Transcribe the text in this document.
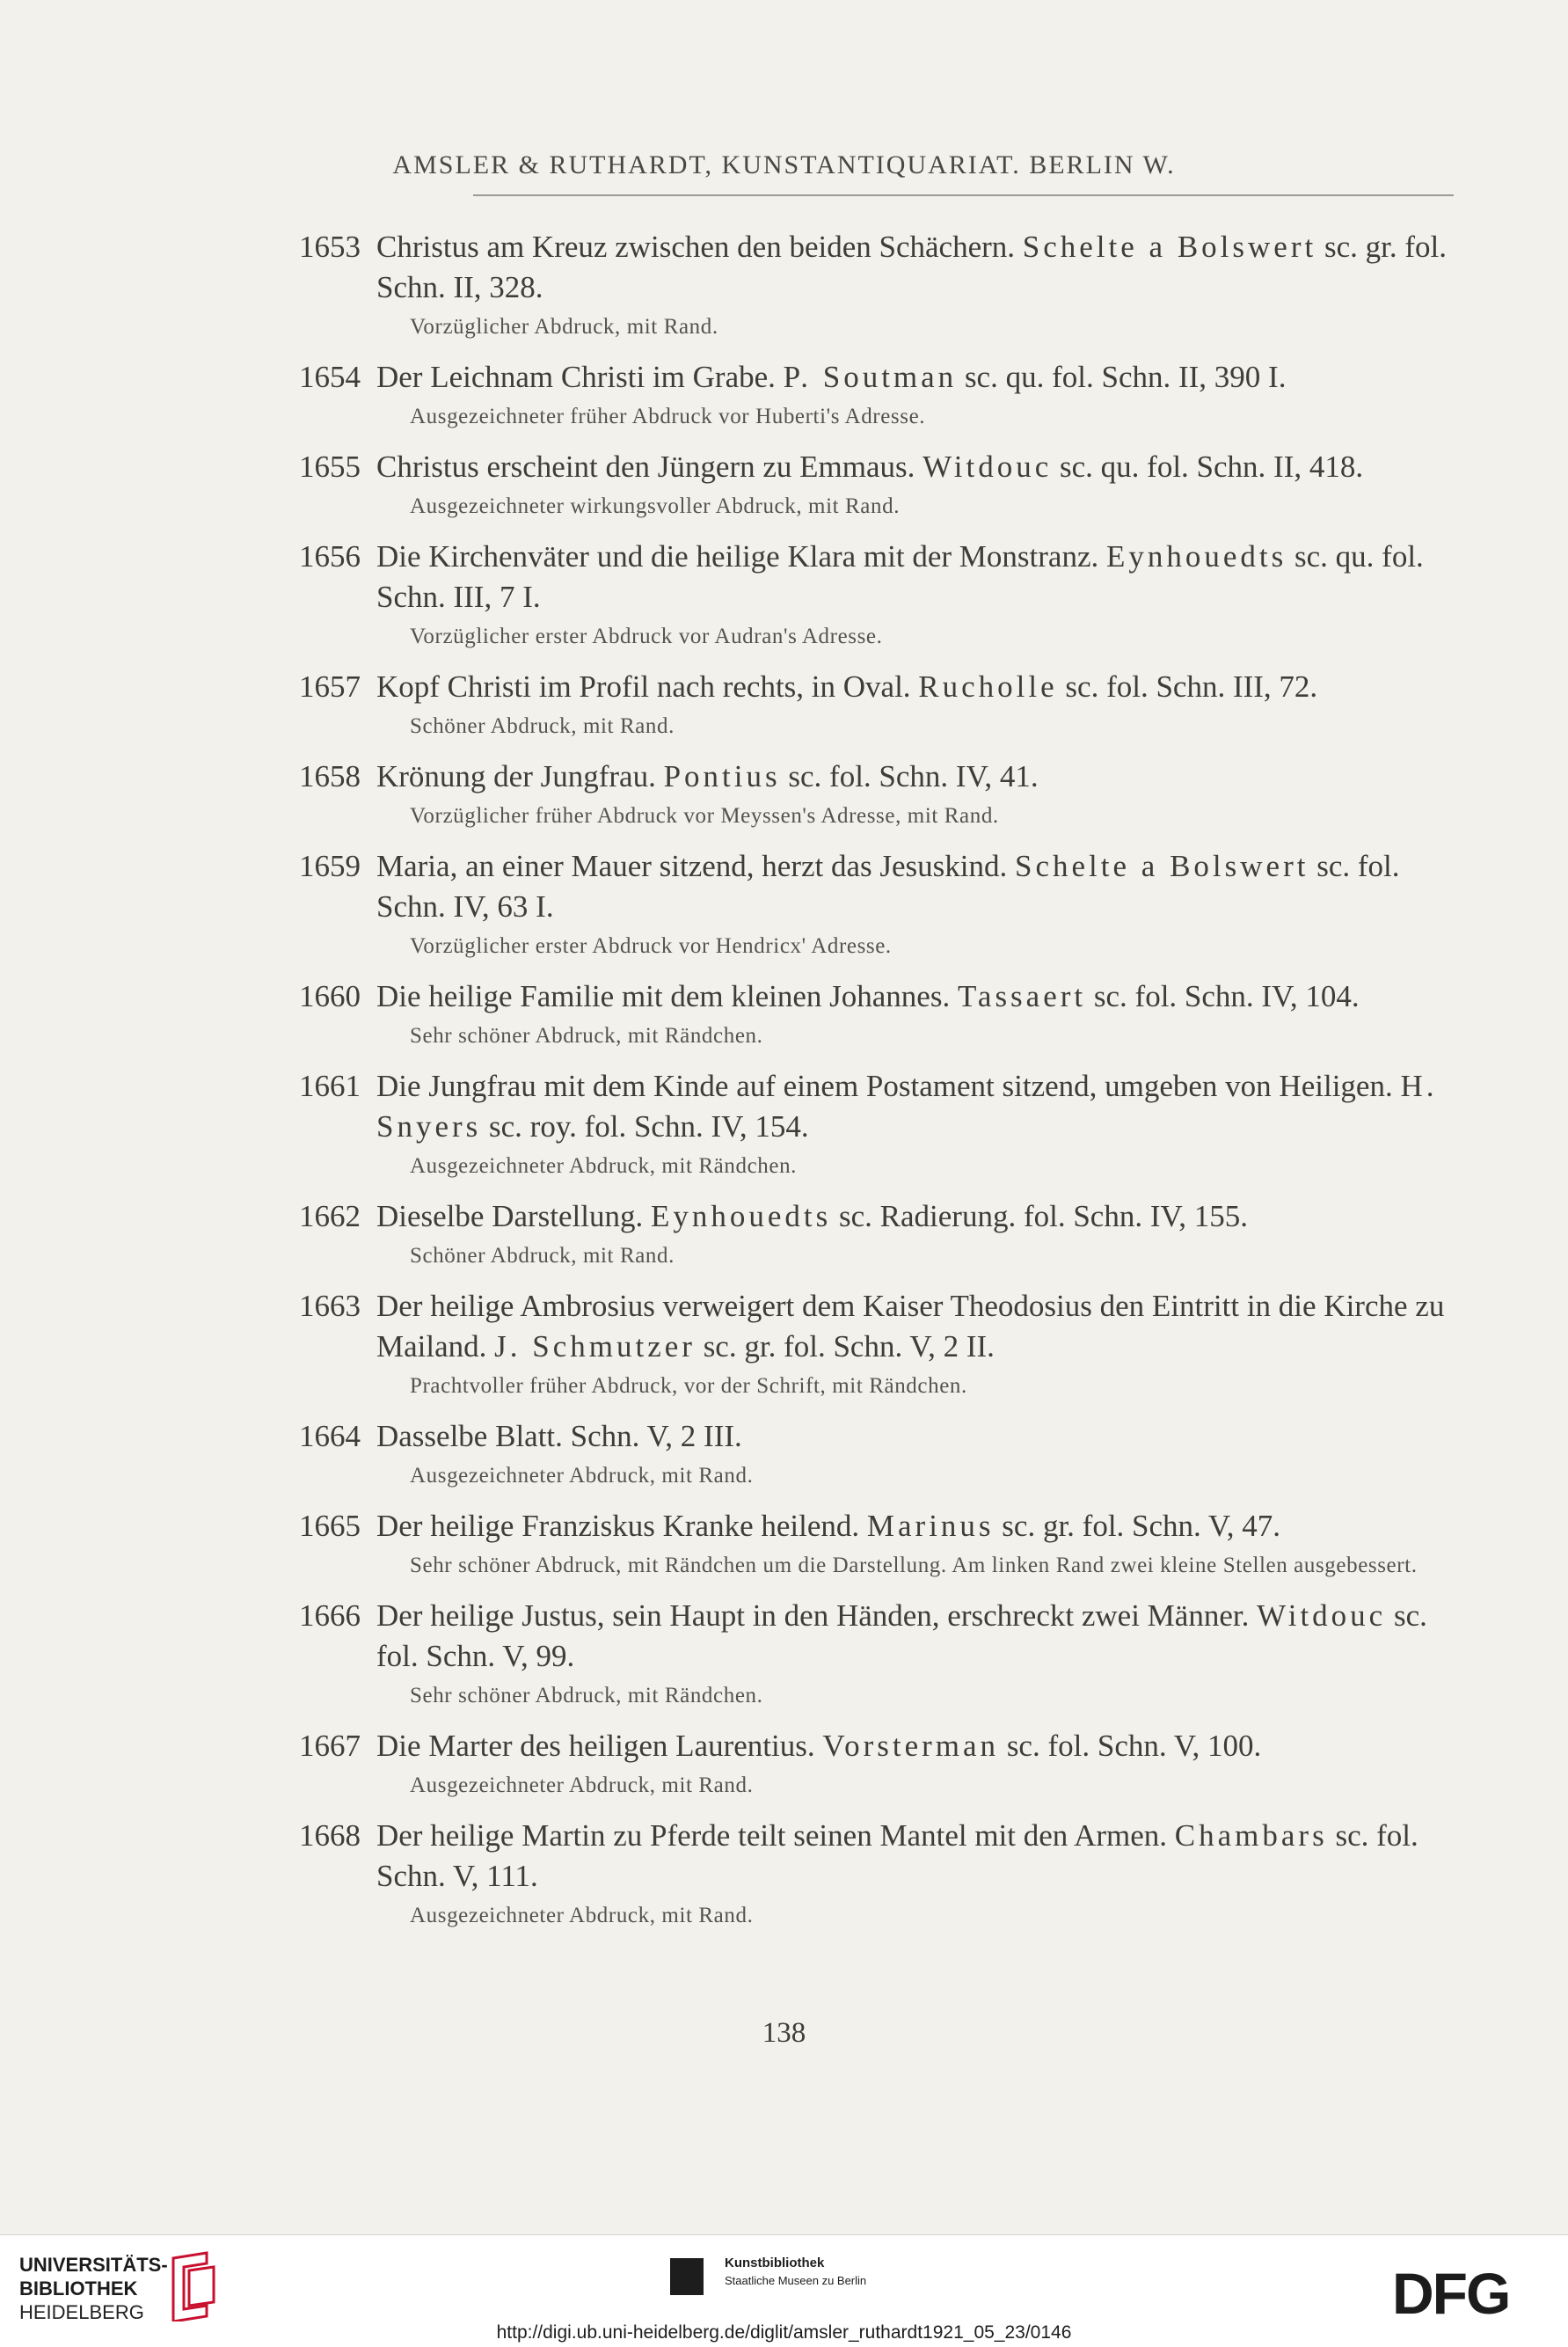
AMSLER & RUTHARDT, KUNSTANTIQUARIAT. BERLIN W.
1653 Christus am Kreuz zwischen den beiden Schächern. Schelte a Bolswert sc. gr. fol. Schn. II, 328.
Vorzüglicher Abdruck, mit Rand.
1654 Der Leichnam Christi im Grabe. P. Soutman sc. qu. fol. Schn. II, 390 I.
Ausgezeichneter früher Abdruck vor Huberti's Adresse.
1655 Christus erscheint den Jüngern zu Emmaus. Witdouc sc. qu. fol. Schn. II, 418.
Ausgezeichneter wirkungsvoller Abdruck, mit Rand.
1656 Die Kirchenväter und die heilige Klara mit der Monstranz. Eynhouedts sc. qu. fol. Schn. III, 7 I.
Vorzüglicher erster Abdruck vor Audran's Adresse.
1657 Kopf Christi im Profil nach rechts, in Oval. Rucholle sc. fol. Schn. III, 72.
Schöner Abdruck, mit Rand.
1658 Krönung der Jungfrau. Pontius sc. fol. Schn. IV, 41.
Vorzüglicher früher Abdruck vor Meyssen's Adresse, mit Rand.
1659 Maria, an einer Mauer sitzend, herzt das Jesuskind. Schelte a Bolswert sc. fol. Schn. IV, 63 I.
Vorzüglicher erster Abdruck vor Hendricx' Adresse.
1660 Die heilige Familie mit dem kleinen Johannes. Tassaert sc. fol. Schn. IV, 104.
Sehr schöner Abdruck, mit Rändchen.
1661 Die Jungfrau mit dem Kinde auf einem Postament sitzend, umgeben von Heiligen. H. Snyers sc. roy. fol. Schn. IV, 154.
Ausgezeichneter Abdruck, mit Rändchen.
1662 Dieselbe Darstellung. Eynhouedts sc. Radierung. fol. Schn. IV, 155.
Schöner Abdruck, mit Rand.
1663 Der heilige Ambrosius verweigert dem Kaiser Theodosius den Eintritt in die Kirche zu Mailand. J. Schmutzer sc. gr. fol. Schn. V, 2 II.
Prachtvoller früher Abdruck, vor der Schrift, mit Rändchen.
1664 Dasselbe Blatt. Schn. V, 2 III.
Ausgezeichneter Abdruck, mit Rand.
1665 Der heilige Franziskus Kranke heilend. Marinus sc. gr. fol. Schn. V, 47.
Sehr schöner Abdruck, mit Rändchen um die Darstellung. Am linken Rand zwei kleine Stellen ausgebessert.
1666 Der heilige Justus, sein Haupt in den Händen, erschreckt zwei Männer. Witdouc sc. fol. Schn. V, 99.
Sehr schöner Abdruck, mit Rändchen.
1667 Die Marter des heiligen Laurentius. Vorsterman sc. fol. Schn. V, 100.
Ausgezeichneter Abdruck, mit Rand.
1668 Der heilige Martin zu Pferde teilt seinen Mantel mit den Armen. Chambars sc. fol. Schn. V, 111.
Ausgezeichneter Abdruck, mit Rand.
138
UNIVERSITÄTS-
BIBLIOTHEK
HEIDELBERG
Kunstbibliothek
Staatliche Museen zu Berlin	DFG
http://digi.ub.uni-heidelberg.de/diglit/amsler_ruthardt1921_05_23/0146
